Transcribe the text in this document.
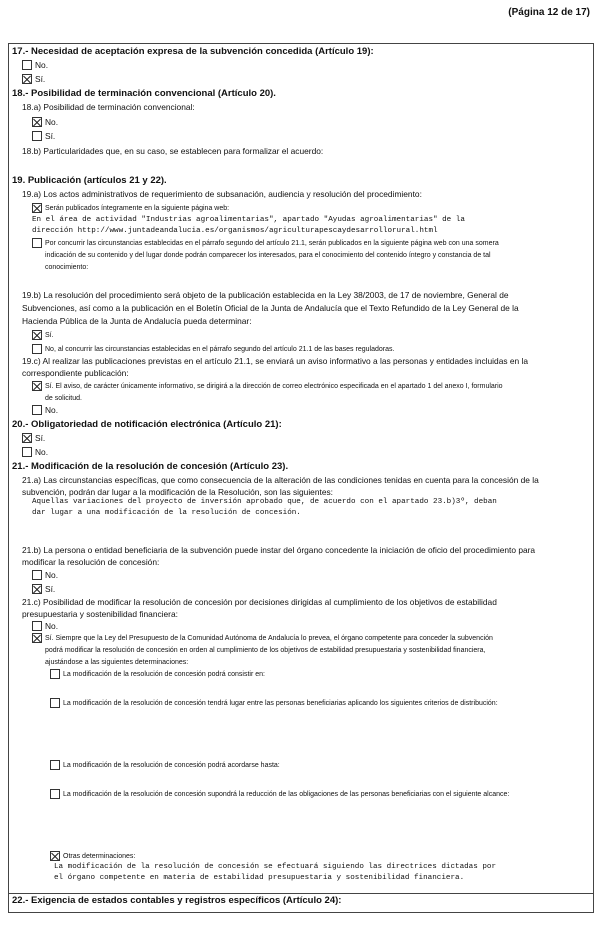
(Página 12 de 17)
17.- Necesidad de aceptación expresa de la subvención concedida (Artículo 19):
No.
Sí.
18.- Posibilidad de terminación convencional (Artículo 20).
18.a) Posibilidad de terminación convencional:
No.
Sí.
18.b) Particularidades que, en su caso, se establecen para formalizar el acuerdo:
19. Publicación (artículos 21 y 22).
19.a) Los actos administrativos de requerimiento de subsanación, audiencia y resolución del procedimiento:
Serán publicados íntegramente en la siguiente página web:
En el área de actividad "Industrias agroalimentarias", apartado "Ayudas agroalimentarias" de la
dirección http://www.juntadeandalucia.es/organismos/agriculturapescaydesarrollorural.html
Por concurrir las circunstancias establecidas en el párrafo segundo del artículo 21.1, serán publicados en la siguiente página web con una somera
indicación de su contenido y del lugar donde podrán comparecer los interesados, para el conocimiento del contenido íntegro y constancia de tal
conocimiento:
19.b) La resolución del procedimiento será objeto de la publicación establecida en la Ley 38/2003, de 17 de noviembre, General de
Subvenciones, así como a la publicación en el Boletín Oficial de la Junta de Andalucía que el Texto Refundido de la Ley General de la
Hacienda Pública de la Junta de Andalucía pueda determinar:
Sí.
No, al concurrir las circunstancias establecidas en el párrafo segundo del artículo 21.1 de las bases reguladoras.
19.c) Al realizar las publicaciones previstas en el artículo 21.1, se enviará un aviso informativo a las personas y entidades incluidas en la
correspondiente publicación:
Sí. El aviso, de carácter únicamente informativo, se dirigirá a la dirección de correo electrónico especificada en el apartado 1 del anexo I, formulario
de solicitud.
No.
20.- Obligatoriedad de notificación electrónica (Artículo 21):
Sí.
No.
21.- Modificación de la resolución de concesión (Artículo 23).
21.a) Las circunstancias específicas, que como consecuencia de la alteración de las condiciones tenidas en cuenta para la concesión de la
subvención, podrán dar lugar a la modificación de la Resolución, son las siguientes:
Aquellas variaciones del proyecto de inversión aprobado que, de acuerdo con el apartado 23.b)3º, deban
dar lugar a una modificación de la resolución de concesión.
21.b) La persona o entidad beneficiaria de la subvención puede instar del órgano concedente la iniciación de oficio del procedimiento para
modificar la resolución de concesión:
No.
Sí.
21.c) Posibilidad de modificar la resolución de concesión por decisiones dirigidas al cumplimiento de los objetivos de estabilidad
presupuestaria y sostenibilidad financiera:
No.
Sí. Siempre que la Ley del Presupuesto de la Comunidad Autónoma de Andalucía lo prevea, el órgano competente para conceder la subvención
podrá modificar la resolución de concesión en orden al cumplimiento de los objetivos de estabilidad presupuestaria y sostenibilidad financiera,
ajustándose a las siguientes determinaciones:
La modificación de la resolución de concesión podrá consistir en:
La modificación de la resolución de concesión tendrá lugar entre las personas beneficiarias aplicando los siguientes criterios de distribución:
La modificación de la resolución de concesión podrá acordarse hasta:
La modificación de la resolución de concesión supondrá la reducción de las obligaciones de las personas beneficiarias con el siguiente alcance:
Otras determinaciones:
La modificación de la resolución de concesión se efectuará siguiendo las directrices dictadas por
el órgano competente en materia de estabilidad presupuestaria y sostenibilidad financiera.
22.- Exigencia de estados contables y registros específicos (Artículo 24):
